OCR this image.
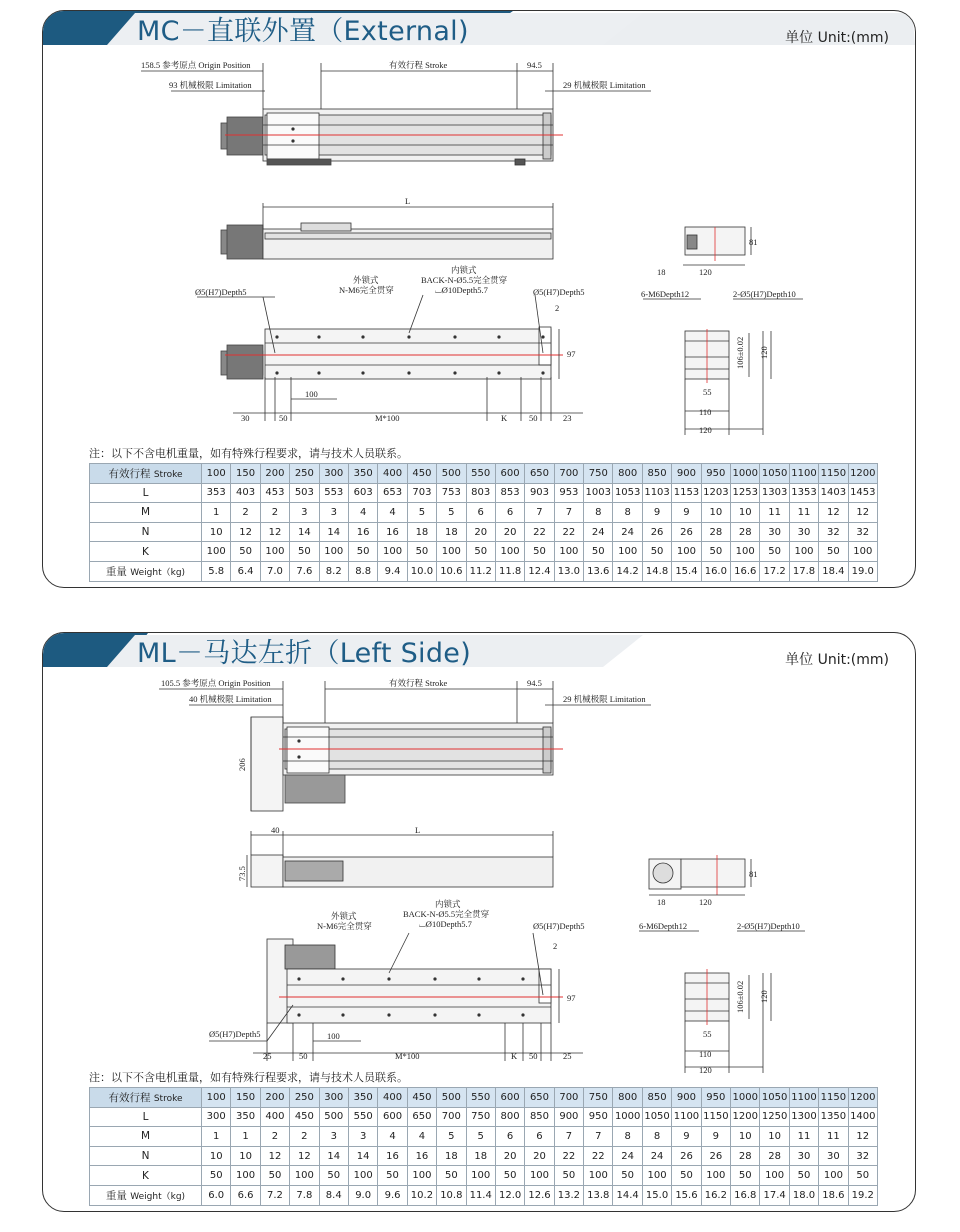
MC－直联外置（External)	单位 Unit:(mm)
158.5 参考原点 Origin Position	有效行程 Stroke	94.5
93 机械极限 Limitation	29 机械极限 Limitation
L
外锁式
N-M6完全贯穿
内锁式
BACK-N-Ø5.5完全贯穿
⌴Ø10Depth5.7
Ø5(H7)Depth5	Ø5(H7)Depth5
2
97
100
30	50	M*100	K	50	23
81
18	120
6-M6Depth12	2-Ø5(H7)Depth10
106±0.02 120
55
110
120
注：以下不含电机重量，如有特殊行程要求，请与技术人员联系。
有效行程 Stroke	100	150	200	250	300	350	400	450	500	550	600	650	700	750	800	850	900	950	1000	1050	1100	1150	1200
L	353	403	453	503	553	603	653	703	753	803	853	903	953	1003	1053	1103	1153	1203	1253	1303	1353	1403	1453
M	1	2	2	3	3	4	4	5	5	6	6	7	7	8	8	9	9	10	10	11	11	12	12
N	10	12	12	14	14	16	16	18	18	20	20	22	22	24	24	26	26	28	28	30	30	32	32
K	100	50	100	50	100	50	100	50	100	50	100	50	100	50	100	50	100	50	100	50	100	50	100
重量 Weight（kg)	5.8	6.4	7.0	7.6	8.2	8.8	9.4	10.0	10.6	11.2	11.8	12.4	13.0	13.6	14.2	14.8	15.4	16.0	16.6	17.2	17.8	18.4	19.0
ML－马达左折（Left Side)	单位 Unit:(mm)
105.5 参考原点 Origin Position	有效行程 Stroke	94.5
40 机械极限 Limitation	29 机械极限 Limitation
206
40	L
73.5
外锁式
N-M6完全贯穿
内锁式
BACK-N-Ø5.5完全贯穿
⌴Ø10Depth5.7
Ø5(H7)Depth5
Ø5(H7)Depth5
2
97
100
25	50	M*100	K 50	25
81
18	120
6-M6Depth12	2-Ø5(H7)Depth10
106±0.02 120
55
110
120
注：以下不含电机重量，如有特殊行程要求，请与技术人员联系。
有效行程 Stroke	100	150	200	250	300	350	400	450	500	550	600	650	700	750	800	850	900	950	1000	1050	1100	1150	1200
L	300	350	400	450	500	550	600	650	700	750	800	850	900	950	1000	1050	1100	1150	1200	1250	1300	1350	1400
M	1	1	2	2	3	3	4	4	5	5	6	6	7	7	8	8	9	9	10	10	11	11	12
N	10	10	12	12	14	14	16	16	18	18	20	20	22	22	24	24	26	26	28	28	30	30	32
K	50	100	50	100	50	100	50	100	50	100	50	100	50	100	50	100	50	100	50	100	50	100	50
重量 Weight（kg)	6.0	6.6	7.2	7.8	8.4	9.0	9.6	10.2	10.8	11.4	12.0	12.6	13.2	13.8	14.4	15.0	15.6	16.2	16.8	17.4	18.0	18.6	19.2
